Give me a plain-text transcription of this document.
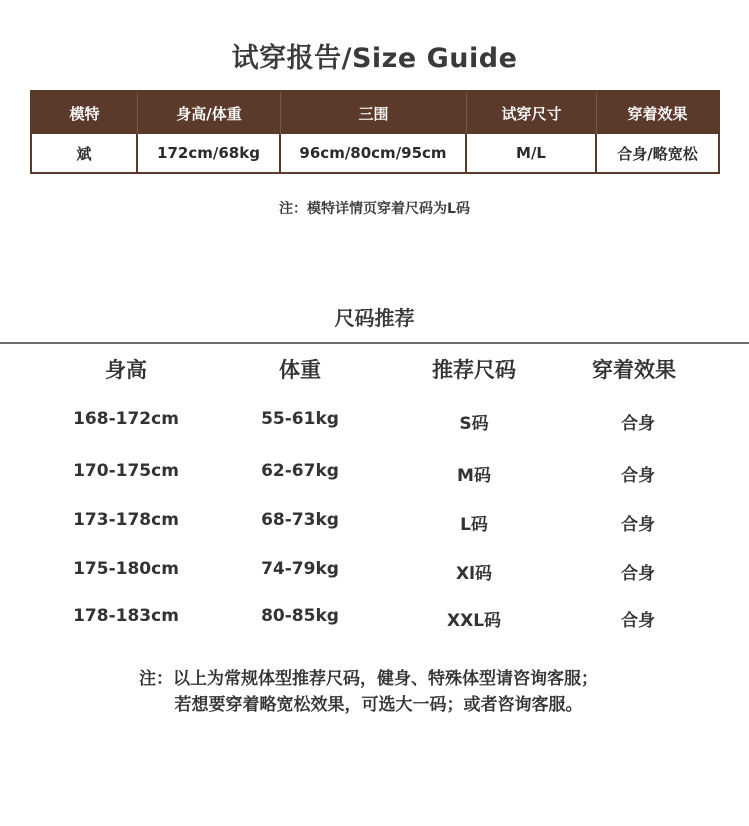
试穿报告/Size Guide
模特	身高/体重	三围	试穿尺寸	穿着效果
斌	172cm/68kg	96cm/80cm/95cm	M/L	合身/略宽松
注：模特详情页穿着尺码为L码
尺码推荐
身高	体重	推荐尺码	穿着效果
168-172cm	55-61kg	S码	合身
170-175cm	62-67kg	M码	合身
173-178cm	68-73kg	L码	合身
175-180cm	74-79kg	Xl码	合身
178-183cm	80-85kg	XXL码	合身
注：以上为常规体型推荐尺码，健身、特殊体型请咨询客服；
若想要穿着略宽松效果，可选大一码；或者咨询客服。
